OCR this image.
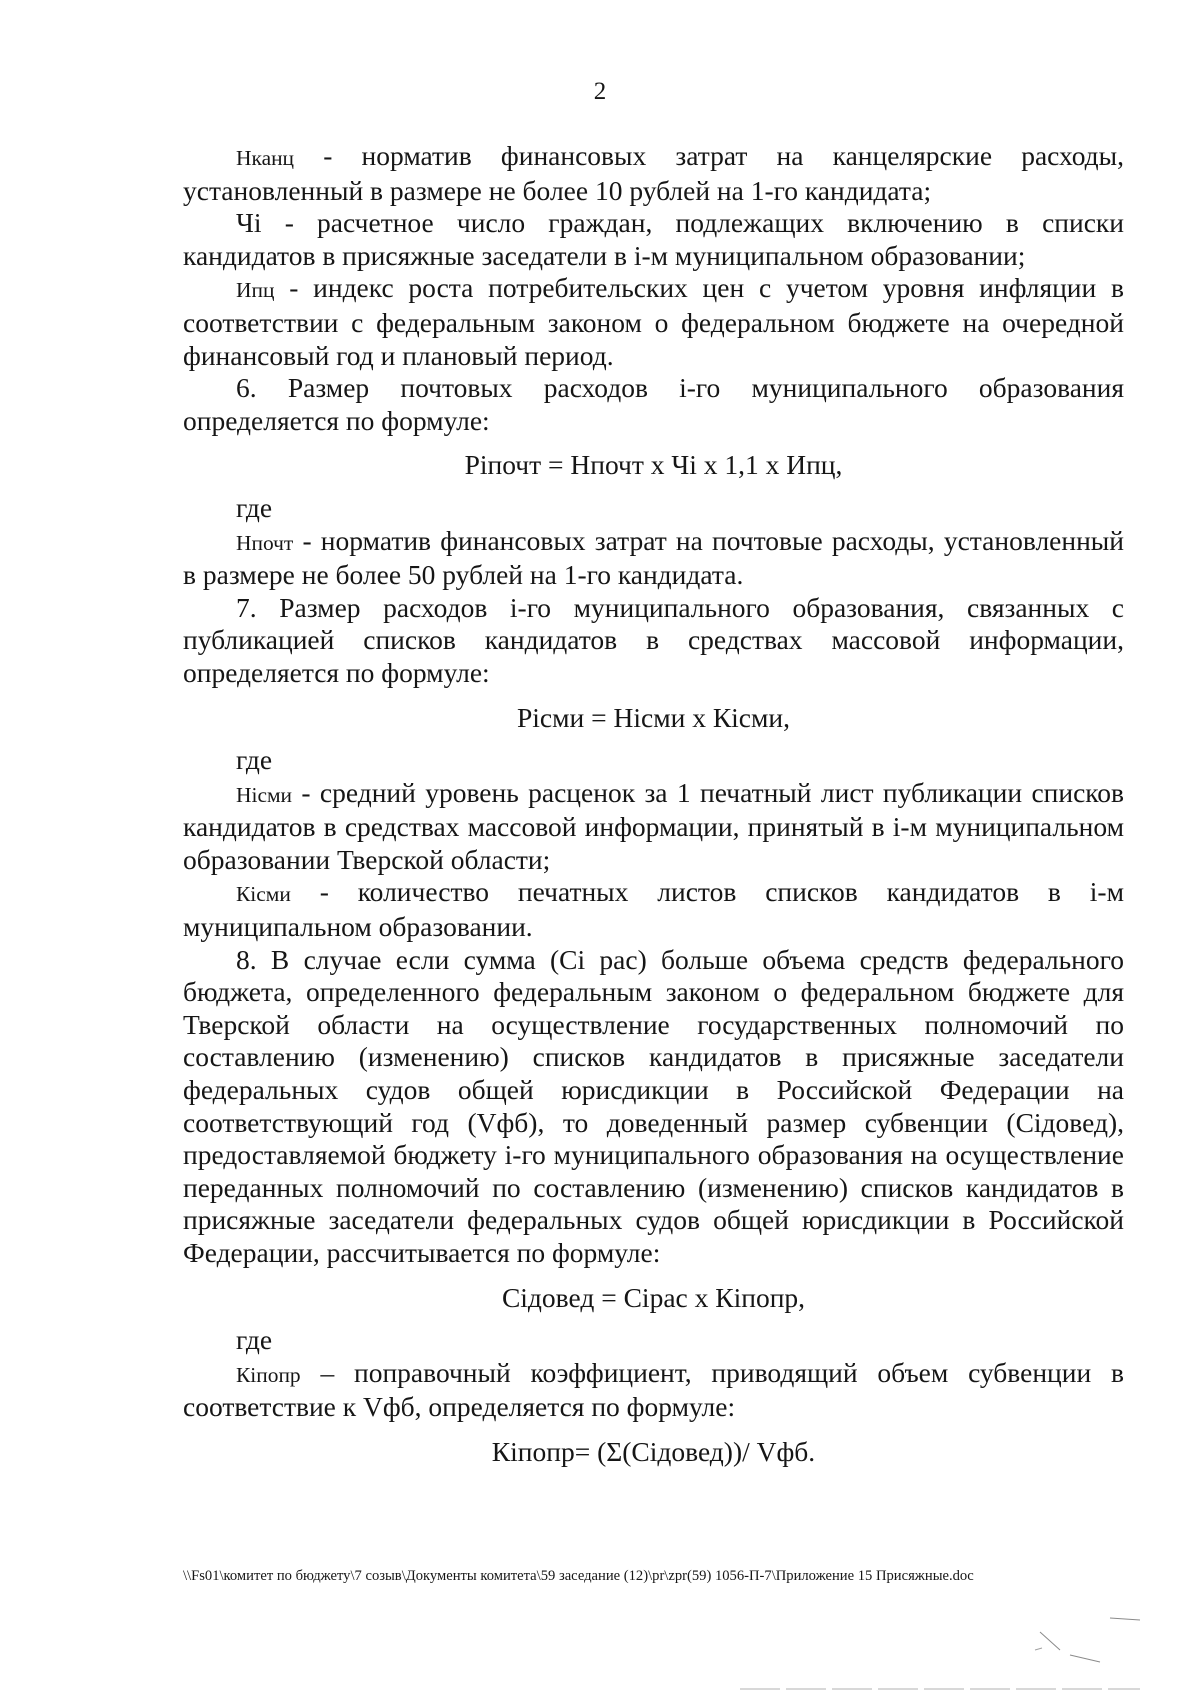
2

Нканц - норматив финансовых затрат на канцелярские расходы, установленный в размере не более 10 рублей на 1-го кандидата;

Чі - расчетное число граждан, подлежащих включению в списки кандидатов в присяжные заседатели в і-м муниципальном образовании;

Ипц - индекс роста потребительских цен с учетом уровня инфляции в соответствии с федеральным законом о федеральном бюджете на очередной финансовый год и плановый период.

6. Размер почтовых расходов і-го муниципального образования определяется по формуле:

Ріпочт = Нпочт х Чі х 1,1 х Ипц,

где

Нпочт - норматив финансовых затрат на почтовые расходы, установленный в размере не более 50 рублей на 1-го кандидата.

7. Размер расходов і-го муниципального образования, связанных с публикацией списков кандидатов в средствах массовой информации, определяется по формуле:

Рісми = Нісми х Кісми,

где

Нісми - средний уровень расценок за 1 печатный лист публикации списков кандидатов в средствах массовой информации, принятый в і-м муниципальном образовании Тверской области;

Кісми - количество печатных листов списков кандидатов в і-м муниципальном образовании.

8. В случае если сумма (Сі рас) больше объема средств федерального бюджета, определенного федеральным законом о федеральном бюджете для Тверской области на осуществление государственных полномочий по составлению (изменению) списков кандидатов в присяжные заседатели федеральных судов общей юрисдикции в Российской Федерации на соответствующий год (Vфб), то доведенный размер субвенции (Сідовед), предоставляемой бюджету і-го муниципального образования на осуществление переданных полномочий по составлению (изменению) списков кандидатов в присяжные заседатели федеральных судов общей юрисдикции в Российской Федерации, рассчитывается по формуле:

Сідовед = Сірас х Кіпопр,

где

Кіпопр – поправочный коэффициент, приводящий объем субвенции в соответствие к Vфб, определяется по формуле:

Кіпопр= (Σ(Сідовед))/ Vфб.

\\Fs01\комитет по бюджету\7 созыв\Документы комитета\59 заседание (12)\pr\zpr(59) 1056-П-7\Приложение 15 Присяжные.doc
